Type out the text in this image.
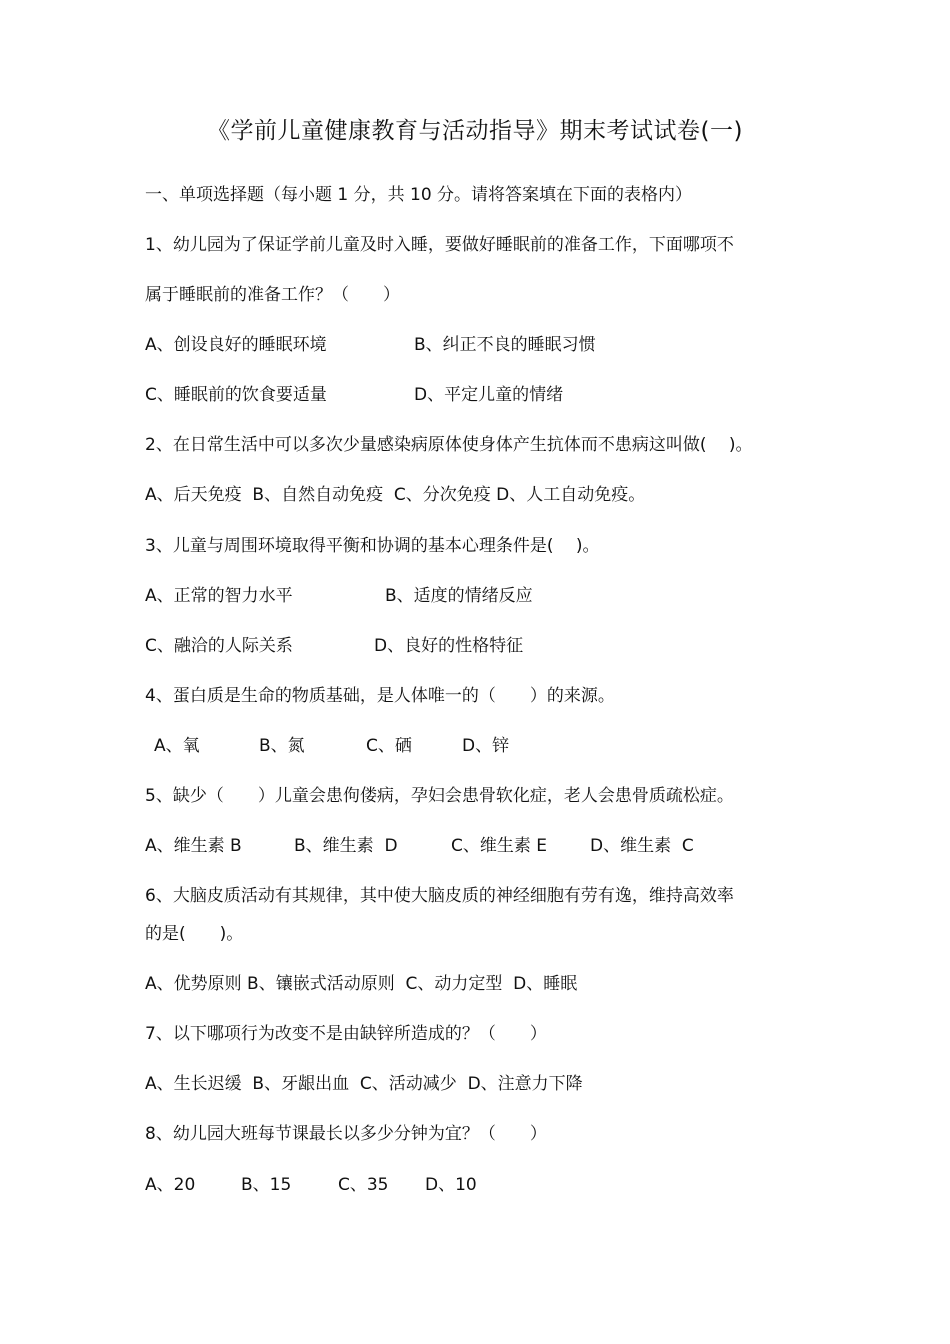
《学前儿童健康教育与活动指导》期末考试试卷(一)
一、单项选择题（每小题 1 分，共 10 分。请将答案填在下面的表格内）
1、幼儿园为了保证学前儿童及时入睡，要做好睡眠前的准备工作，下面哪项不
属于睡眠前的准备工作？（　　）
A、创设良好的睡眠环境	B、纠正不良的睡眠习惯
C、睡眠前的饮食要适量	D、平定儿童的情绪
2、在日常生活中可以多次少量感染病原体使身体产生抗体而不患病这叫做(　 )。
A、后天免疫  B、自然自动免疫  C、分次免疫 D、人工自动免疫。
3、儿童与周围环境取得平衡和协调的基本心理条件是(　 )。
A、正常的智力水平	B、适度的情绪反应
C、融洽的人际关系	D、良好的性格特征
4、蛋白质是生命的物质基础，是人体唯一的（　　）的来源。
A、氧	B、氮	C、硒	D、锌
5、缺少（　　）儿童会患佝偻病，孕妇会患骨软化症，老人会患骨质疏松症。
A、维生素 B	B、维生素  D	C、维生素 E	D、维生素  C
6、大脑皮质活动有其规律，其中使大脑皮质的神经细胞有劳有逸，维持高效率
的是(　　)。
A、优势原则 B、镶嵌式活动原则  C、动力定型  D、睡眠
7、以下哪项行为改变不是由缺锌所造成的？（　　）
A、生长迟缓  B、牙龈出血  C、活动减少  D、注意力下降
8、幼儿园大班每节课最长以多少分钟为宜？（　　）
A、20	B、15	C、35 D、10
